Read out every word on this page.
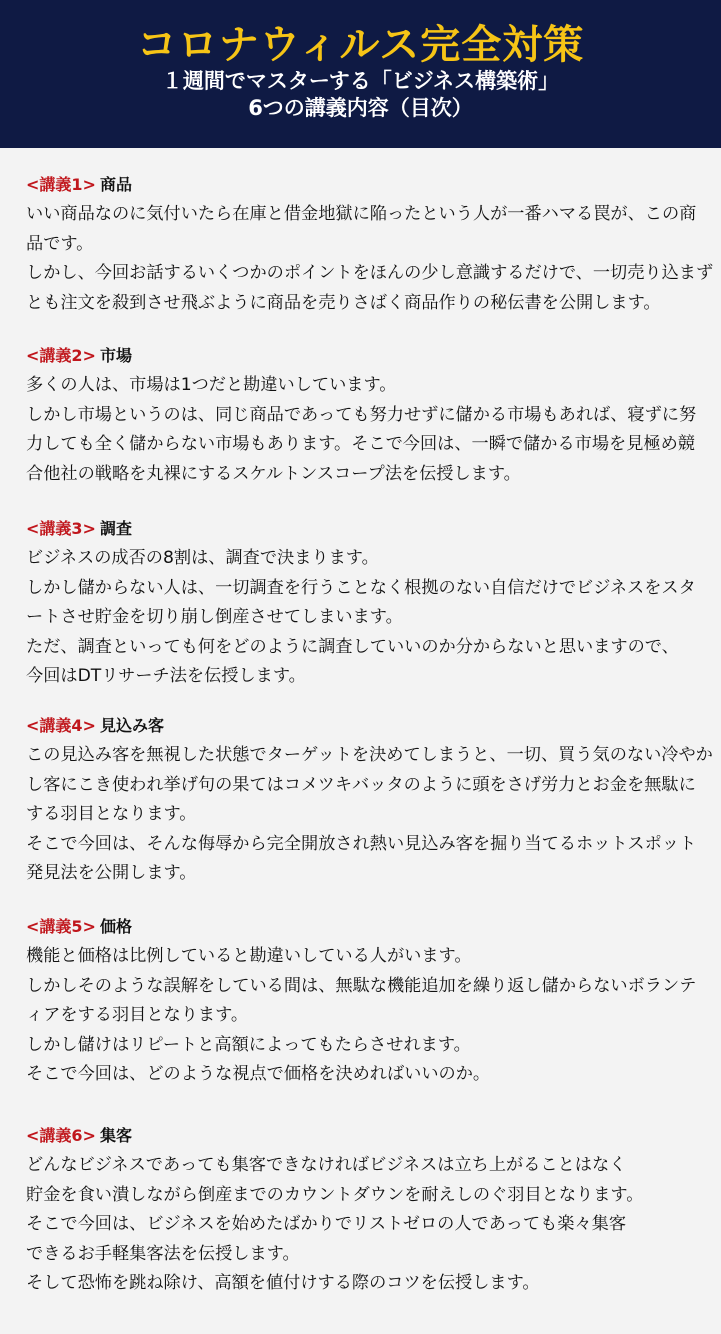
コロナウィルス完全対策
１週間でマスターする「ビジネス構築術」
6つの講義内容（目次）
<講義1> 商品
いい商品なのに気付いたら在庫と借金地獄に陥ったという人が一番ハマる罠が、この商
品です。
しかし、今回お話するいくつかのポイントをほんの少し意識するだけで、一切売り込まず
とも注文を殺到させ飛ぶように商品を売りさばく商品作りの秘伝書を公開します。
<講義2> 市場
多くの人は、市場は1つだと勘違いしています。
しかし市場というのは、同じ商品であっても努力せずに儲かる市場もあれば、寝ずに努
力しても全く儲からない市場もあります。そこで今回は、一瞬で儲かる市場を見極め競
合他社の戦略を丸裸にするスケルトンスコープ法を伝授します。
<講義3> 調査
ビジネスの成否の8割は、調査で決まります。
しかし儲からない人は、一切調査を行うことなく根拠のない自信だけでビジネスをスタ
ートさせ貯金を切り崩し倒産させてしまいます。
ただ、調査といっても何をどのように調査していいのか分からないと思いますので、
今回はDTリサーチ法を伝授します。
<講義4> 見込み客
この見込み客を無視した状態でターゲットを決めてしまうと、一切、買う気のない冷やか
し客にこき使われ挙げ句の果てはコメツキバッタのように頭をさげ労力とお金を無駄に
する羽目となります。
そこで今回は、そんな侮辱から完全開放され熱い見込み客を掘り当てるホットスポット
発見法を公開します。
<講義5> 価格
機能と価格は比例していると勘違いしている人がいます。
しかしそのような誤解をしている間は、無駄な機能追加を繰り返し儲からないボランテ
ィアをする羽目となります。
しかし儲けはリピートと高額によってもたらさせれます。
そこで今回は、どのような視点で価格を決めればいいのか。
<講義6> 集客
どんなビジネスであっても集客できなければビジネスは立ち上がることはなく
貯金を食い潰しながら倒産までのカウントダウンを耐えしのぐ羽目となります。
そこで今回は、ビジネスを始めたばかりでリストゼロの人であっても楽々集客
できるお手軽集客法を伝授します。
そして恐怖を跳ね除け、高額を値付けする際のコツを伝授します。
